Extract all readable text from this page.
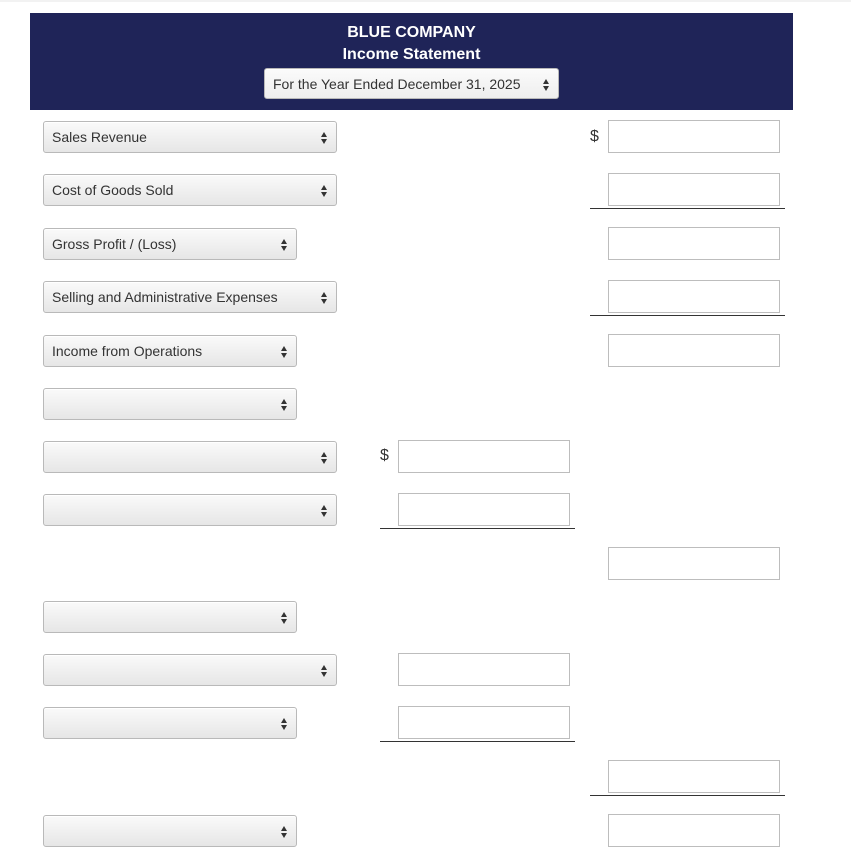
BLUE COMPANY
Income Statement
For the Year Ended December 31, 2025
Sales Revenue	$
Cost of Goods Sold
Gross Profit / (Loss)
Selling and Administrative Expenses
Income from Operations
$
